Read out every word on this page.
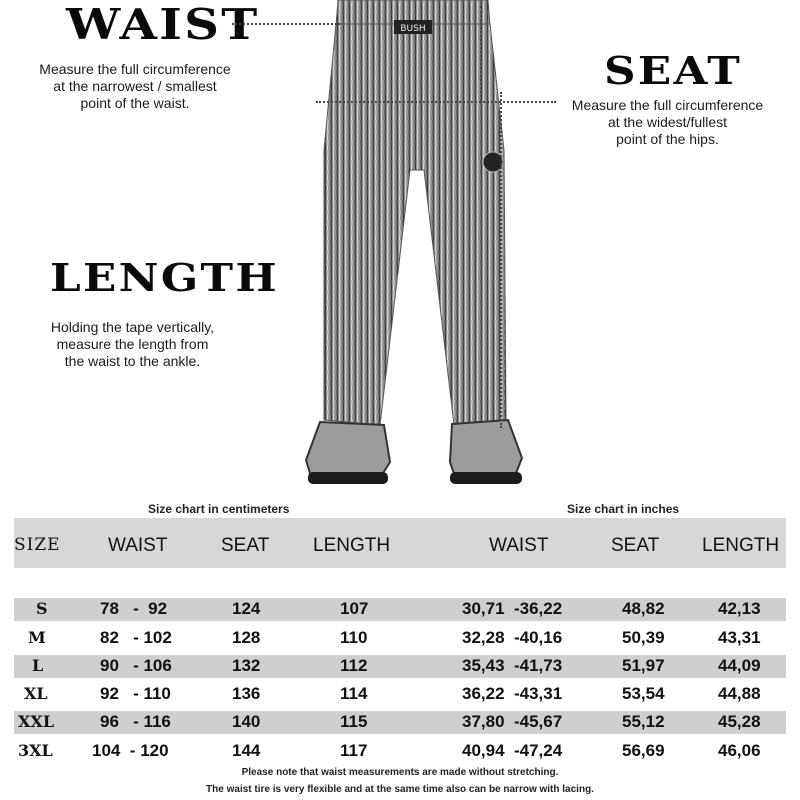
WAIST
Measure the full circumference
at the narrowest / smallest
point of the waist.
SEAT
Measure the full circumference
at the widest/fullest
point of the hips.
LENGTH
Holding the tape vertically,
measure the length from
the waist to the ankle.
BUSH
Size chart in centimeters	Size chart in inches
SIZE WAIST	SEAT LENGTH	WAIST	SEAT LENGTH
S	78   -  92	124	107	30,71  -36,22	48,82	42,13
M	82   - 102	128	110	32,28  -40,16	50,39	43,31
L	90   - 106	132	112	35,43  -41,73	51,97	44,09
XL	92   - 110	136	114	36,22  -43,31	53,54	44,88
XXL	96   - 116	140	115	37,80  -45,67	55,12	45,28
3XL 104  - 120	144	117	40,94  -47,24	56,69	46,06
Please note that waist measurements are made without stretching.
The waist tire is very flexible and at the same time also can be narrow with lacing.
